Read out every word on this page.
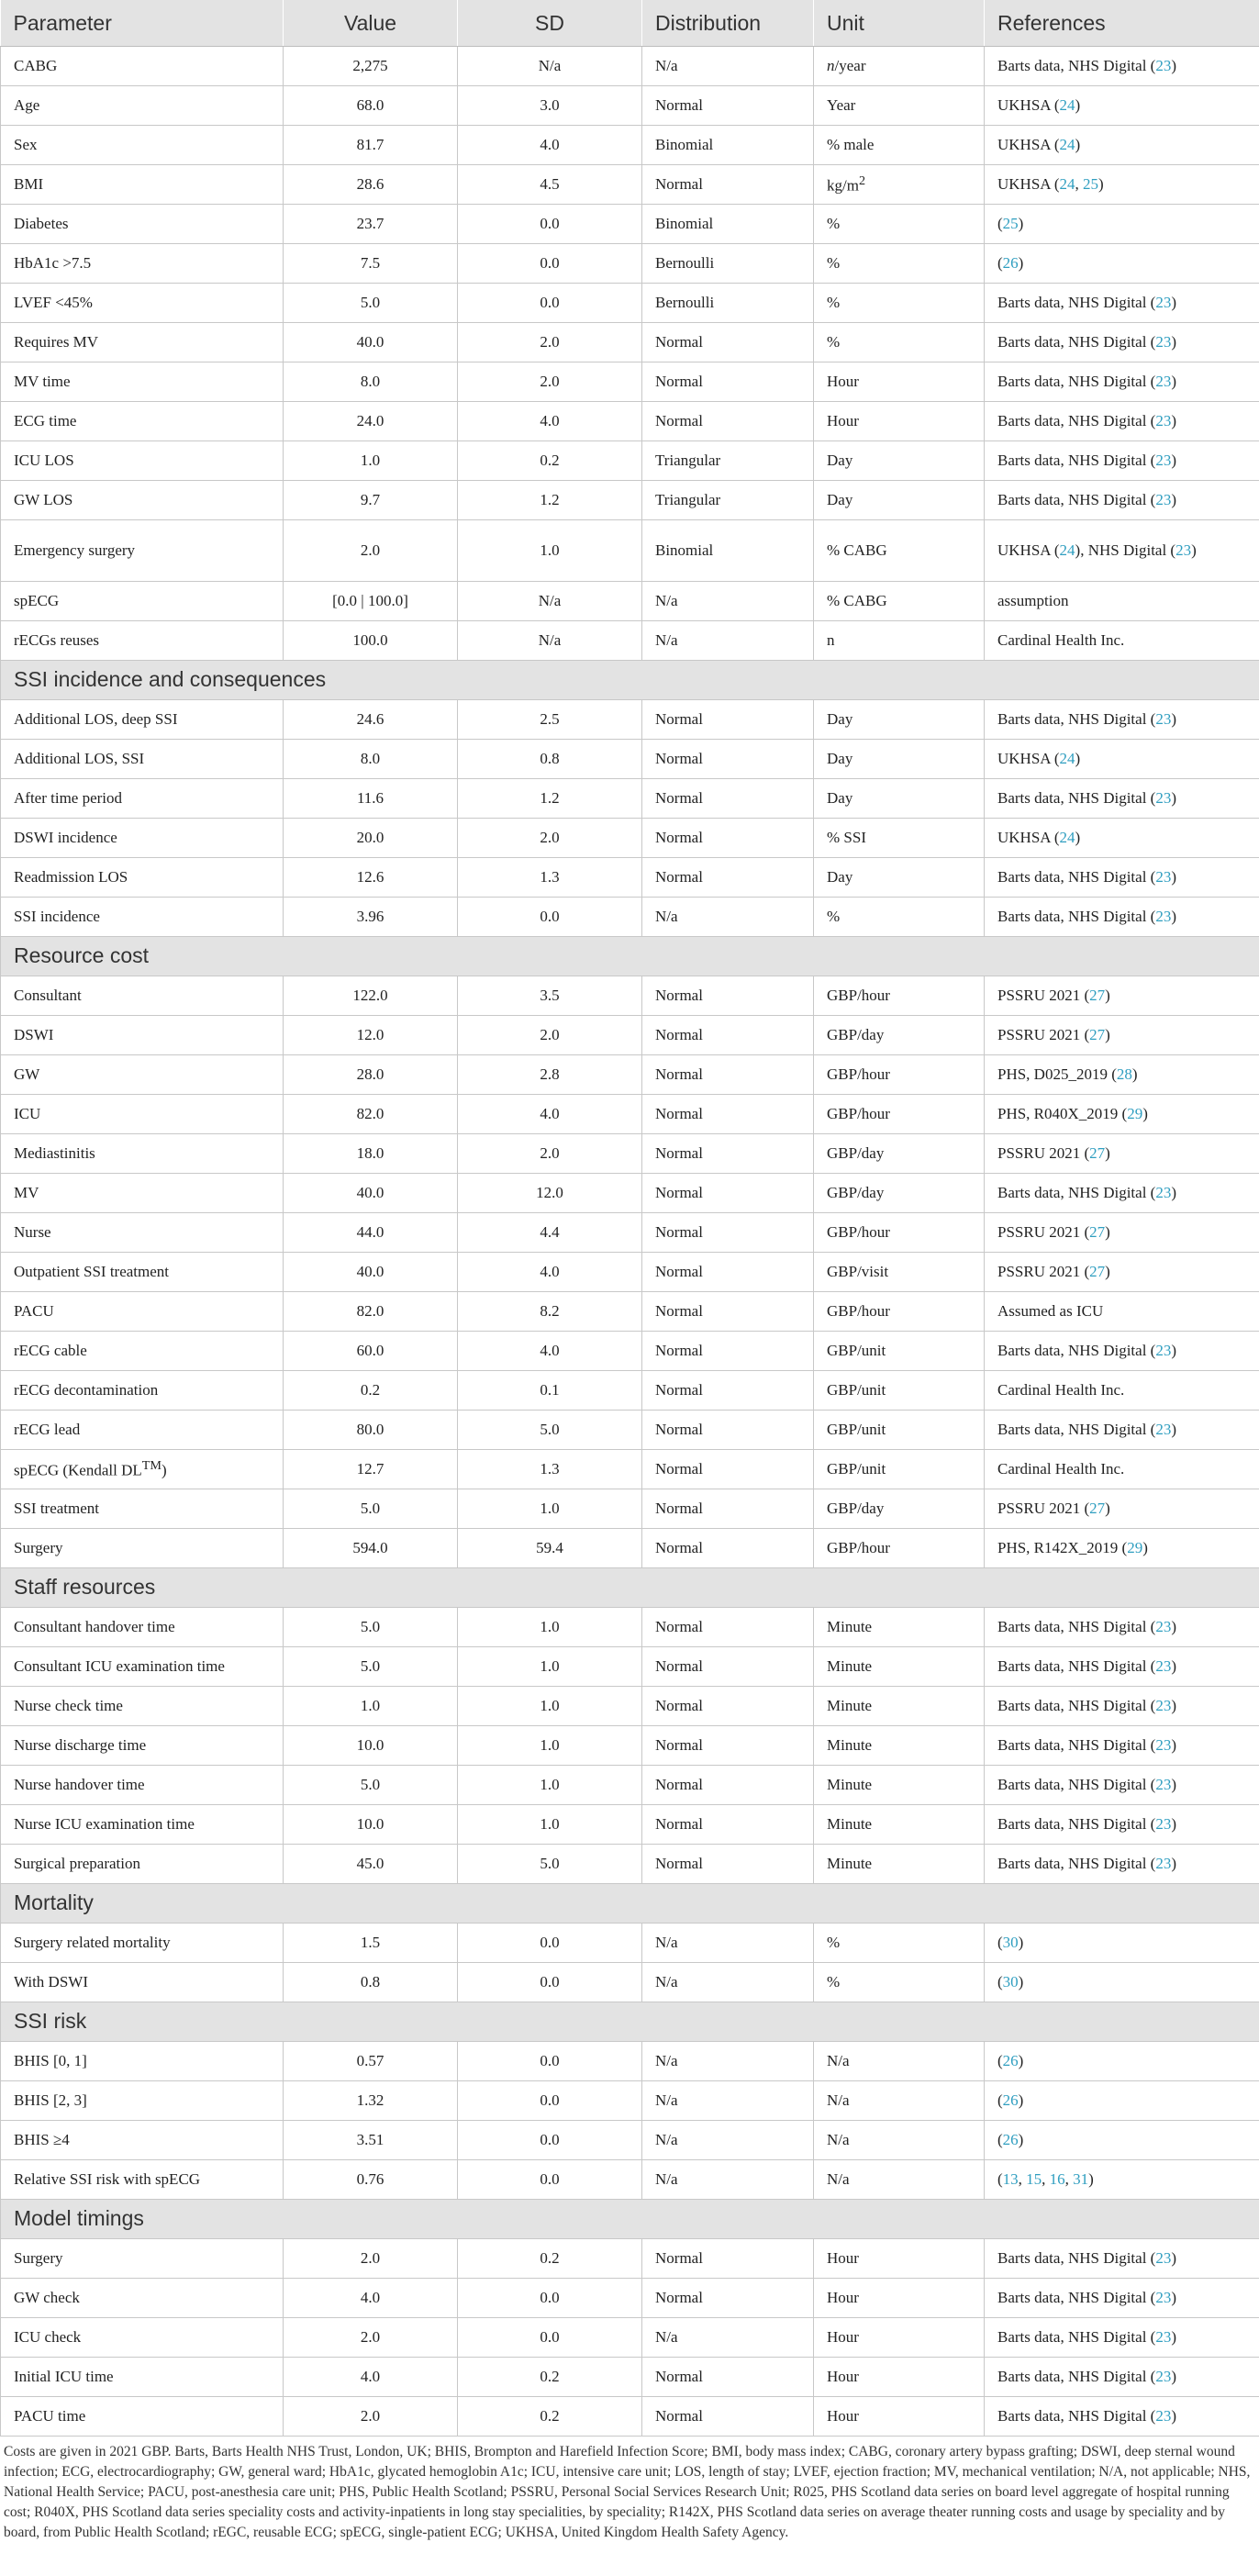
Parameter	Value	SD	Distribution	Unit	References
CABG	2,275	N/a	N/a	n/year	Barts data, NHS Digital (23)
Age	68.0	3.0	Normal	Year	UKHSA (24)
Sex	81.7	4.0	Binomial	% male	UKHSA (24)
BMI	28.6	4.5	Normal	$kg/m^2$	UKHSA (24, 25)
Diabetes	23.7	0.0	Binomial	%	(25)
HbA1c >7.5	7.5	0.0	Bernoulli	%	(26)
LVEF <45%	5.0	0.0	Bernoulli	%	Barts data, NHS Digital (23)
Requires MV	40.0	2.0	Normal	%	Barts data, NHS Digital (23)
MV time	8.0	2.0	Normal	Hour	Barts data, NHS Digital (23)
ECG time	24.0	4.0	Normal	Hour	Barts data, NHS Digital (23)
ICU LOS	1.0	0.2	Triangular	Day	Barts data, NHS Digital (23)
GW LOS	9.7	1.2	Triangular	Day	Barts data, NHS Digital (23)
Emergency surgery	2.0	1.0	Binomial	% CABG	UKHSA (24), NHS Digital (23)
spECG	[0.0 | 100.0]	N/a	N/a	% CABG	assumption
rECGs reuses	100.0	N/a	N/a	n	Cardinal Health Inc.
SSI incidence and consequences					
Additional LOS, deep SSI	24.6	2.5	Normal	Day	Barts data, NHS Digital (23)
Additional LOS, SSI	8.0	0.8	Normal	Day	UKHSA (24)
After time period	11.6	1.2	Normal	Day	Barts data, NHS Digital (23)
DSWI incidence	20.0	2.0	Normal	% SSI	UKHSA (24)
Readmission LOS	12.6	1.3	Normal	Day	Barts data, NHS Digital (23)
SSI incidence	3.96	0.0	N/a	%	Barts data, NHS Digital (23)
Resource cost					
Consultant	122.0	3.5	Normal	GBP/hour	PSSRU 2021 (27)
DSWI	12.0	2.0	Normal	GBP/day	PSSRU 2021 (27)
GW	28.0	2.8	Normal	GBP/hour	PHS, D025_2019 (28)
ICU	82.0	4.0	Normal	GBP/hour	PHS, R040X_2019 (29)
Mediastinitis	18.0	2.0	Normal	GBP/day	PSSRU 2021 (27)
MV	40.0	12.0	Normal	GBP/day	Barts data, NHS Digital (23)
Nurse	44.0	4.4	Normal	GBP/hour	PSSRU 2021 (27)
Outpatient SSI treatment	40.0	4.0	Normal	GBP/visit	PSSRU 2021 (27)
PACU	82.0	8.2	Normal	GBP/hour	Assumed as ICU
rECG cable	60.0	4.0	Normal	GBP/unit	Barts data, NHS Digital (23)
rECG decontamination	0.2	0.1	Normal	GBP/unit	Cardinal Health Inc.
rECG lead	80.0	5.0	Normal	GBP/unit	Barts data, NHS Digital (23)
spECG (Kendall DL™)	12.7	1.3	Normal	GBP/unit	Cardinal Health Inc.
SSI treatment	5.0	1.0	Normal	GBP/day	PSSRU 2021 (27)
Surgery	594.0	59.4	Normal	GBP/hour	PHS, R142X_2019 (29)
Staff resources					
Consultant handover time	5.0	1.0	Normal	Minute	Barts data, NHS Digital (23)
Consultant ICU examination time	5.0	1.0	Normal	Minute	Barts data, NHS Digital (23)
Nurse check time	1.0	1.0	Normal	Minute	Barts data, NHS Digital (23)
Nurse discharge time	10.0	1.0	Normal	Minute	Barts data, NHS Digital (23)
Nurse handover time	5.0	1.0	Normal	Minute	Barts data, NHS Digital (23)
Nurse ICU examination time	10.0	1.0	Normal	Minute	Barts data, NHS Digital (23)
Surgical preparation	45.0	5.0	Normal	Minute	Barts data, NHS Digital (23)
Mortality					
Surgery related mortality	1.5	0.0	N/a	%	(30)
With DSWI	0.8	0.0	N/a	%	(30)
SSI risk					
BHIS [0, 1]	0.57	0.0	N/a	N/a	(26)
BHIS [2, 3]	1.32	0.0	N/a	N/a	(26)
BHIS ≥4	3.51	0.0	N/a	N/a	(26)
Relative SSI risk with spECG	0.76	0.0	N/a	N/a	(13, 15, 16, 31)
Model timings					
Surgery	2.0	0.2	Normal	Hour	Barts data, NHS Digital (23)
GW check	4.0	0.0	Normal	Hour	Barts data, NHS Digital (23)
ICU check	2.0	0.0	N/a	Hour	Barts data, NHS Digital (23)
Initial ICU time	4.0	0.2	Normal	Hour	Barts data, NHS Digital (23)
PACU time	2.0	0.2	Normal	Hour	Barts data, NHS Digital (23)

Costs are given in 2021 GBP. Barts, Barts Health NHS Trust, London, UK; BHIS, Brompton and Harefield Infection Score; BMI, body mass index; CABG, coronary artery bypass grafting; DSWI, deep sternal wound infection; ECG, electrocardiography; GW, general ward; HbA1c, glycated hemoglobin A1c; ICU, intensive care unit; LOS, length of stay; LVEF, ejection fraction; MV, mechanical ventilation; N/A, not applicable; NHS, National Health Service; PACU, post-anesthesia care unit; PHS, Public Health Scotland; PSSRU, Personal Social Services Research Unit; R025, PHS Scotland data series on board level aggregate of hospital running cost; R040X, PHS Scotland data series speciality costs and activity-inpatients in long stay specialities, by speciality; R142X, PHS Scotland data series on average theater running costs and usage by speciality and by board, from Public Health Scotland; rEGC, reusable ECG; spECG, single-patient ECG; UKHSA, United Kingdom Health Safety Agency.
